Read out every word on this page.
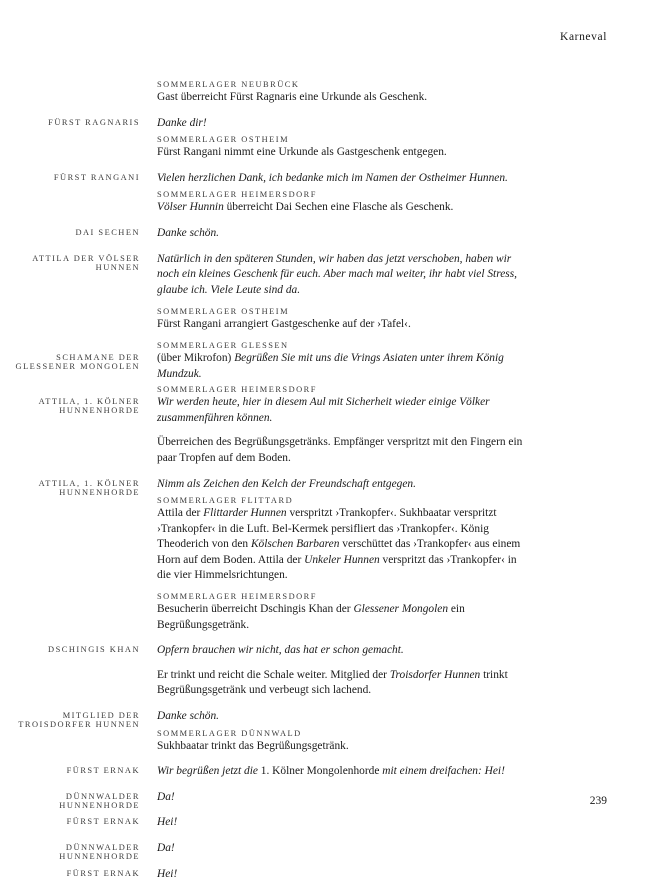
Karneval
SOMMERLAGER NEUBRÜCK
Gast überreicht Fürst Ragnaris eine Urkunde als Geschenk.
FÜRST RAGNARIS Danke dir!
SOMMERLAGER OSTHEIM
Fürst Rangani nimmt eine Urkunde als Gastgeschenk entgegen.
FÜRST RANGANI Vielen herzlichen Dank, ich bedanke mich im Namen der Ostheimer Hunnen.
SOMMERLAGER HEIMERSDORF
Völser Hunnin überreicht Dai Sechen eine Flasche als Geschenk.
DAI SECHEN Danke schön.
ATTILA DER VÖLSER HUNNEN
Natürlich in den späteren Stunden, wir haben das jetzt verschoben, haben wir noch ein kleines Geschenk für euch. Aber mach mal weiter, ihr habt viel Stress, glaube ich. Viele Leute sind da.
SOMMERLAGER OSTHEIM
Fürst Rangani arrangiert Gastgeschenke auf der ›Tafel‹.
SCHAMANE DER GLESSENER MONGOLEN
SOMMERLAGER GLESSEN
(über Mikrofon) Begrüßen Sie mit uns die Vrings Asiaten unter ihrem König Mundzuk.
ATTILA, 1. KÖLNER HUNNENHORDE
SOMMERLAGER HEIMERSDORF
Wir werden heute, hier in diesem Aul mit Sicherheit wieder einige Völker zusammenführen können.
Überreichen des Begrüßungsgetränks. Empfänger verspritzt mit den Fingern ein paar Tropfen auf dem Boden.
ATTILA, 1. KÖLNER HUNNENHORDE
Nimm als Zeichen den Kelch der Freundschaft entgegen.
SOMMERLAGER FLITTARD
Attila der Flittarder Hunnen verspritzt ›Trankopfer‹. Sukhbaatar verspritzt ›Trankopfer‹ in die Luft. Bel-Kermek persifliert das ›Trankopfer‹. König Theoderich von den Kölschen Barbaren verschüttet das ›Trankopfer‹ aus einem Horn auf dem Boden. Attila der Unkeler Hunnen verspritzt das ›Trankopfer‹ in die vier Himmelsrichtungen.
SOMMERLAGER HEIMERSDORF
Besucherin überreicht Dschingis Khan der Glessener Mongolen ein Begrüßungsgetränk.
DSCHINGIS KHAN Opfern brauchen wir nicht, das hat er schon gemacht.
Er trinkt und reicht die Schale weiter. Mitglied der Troisdorfer Hunnen trinkt Begrüßungsgetränk und verbeugt sich lachend.
MITGLIED DER TROISDORFER HUNNEN
Danke schön.
SOMMERLAGER DÜNNWALD
Sukhbaatar trinkt das Begrüßungsgetränk.
FÜRST ERNAK Wir begrüßen jetzt die 1. Kölner Mongolenhorde mit einem dreifachen: Hei!
DÜNNWALDER HUNNENHORDE
Da!
FÜRST ERNAK Hei!
DÜNNWALDER HUNNENHORDE
Da!
FÜRST ERNAK Hei!
239
